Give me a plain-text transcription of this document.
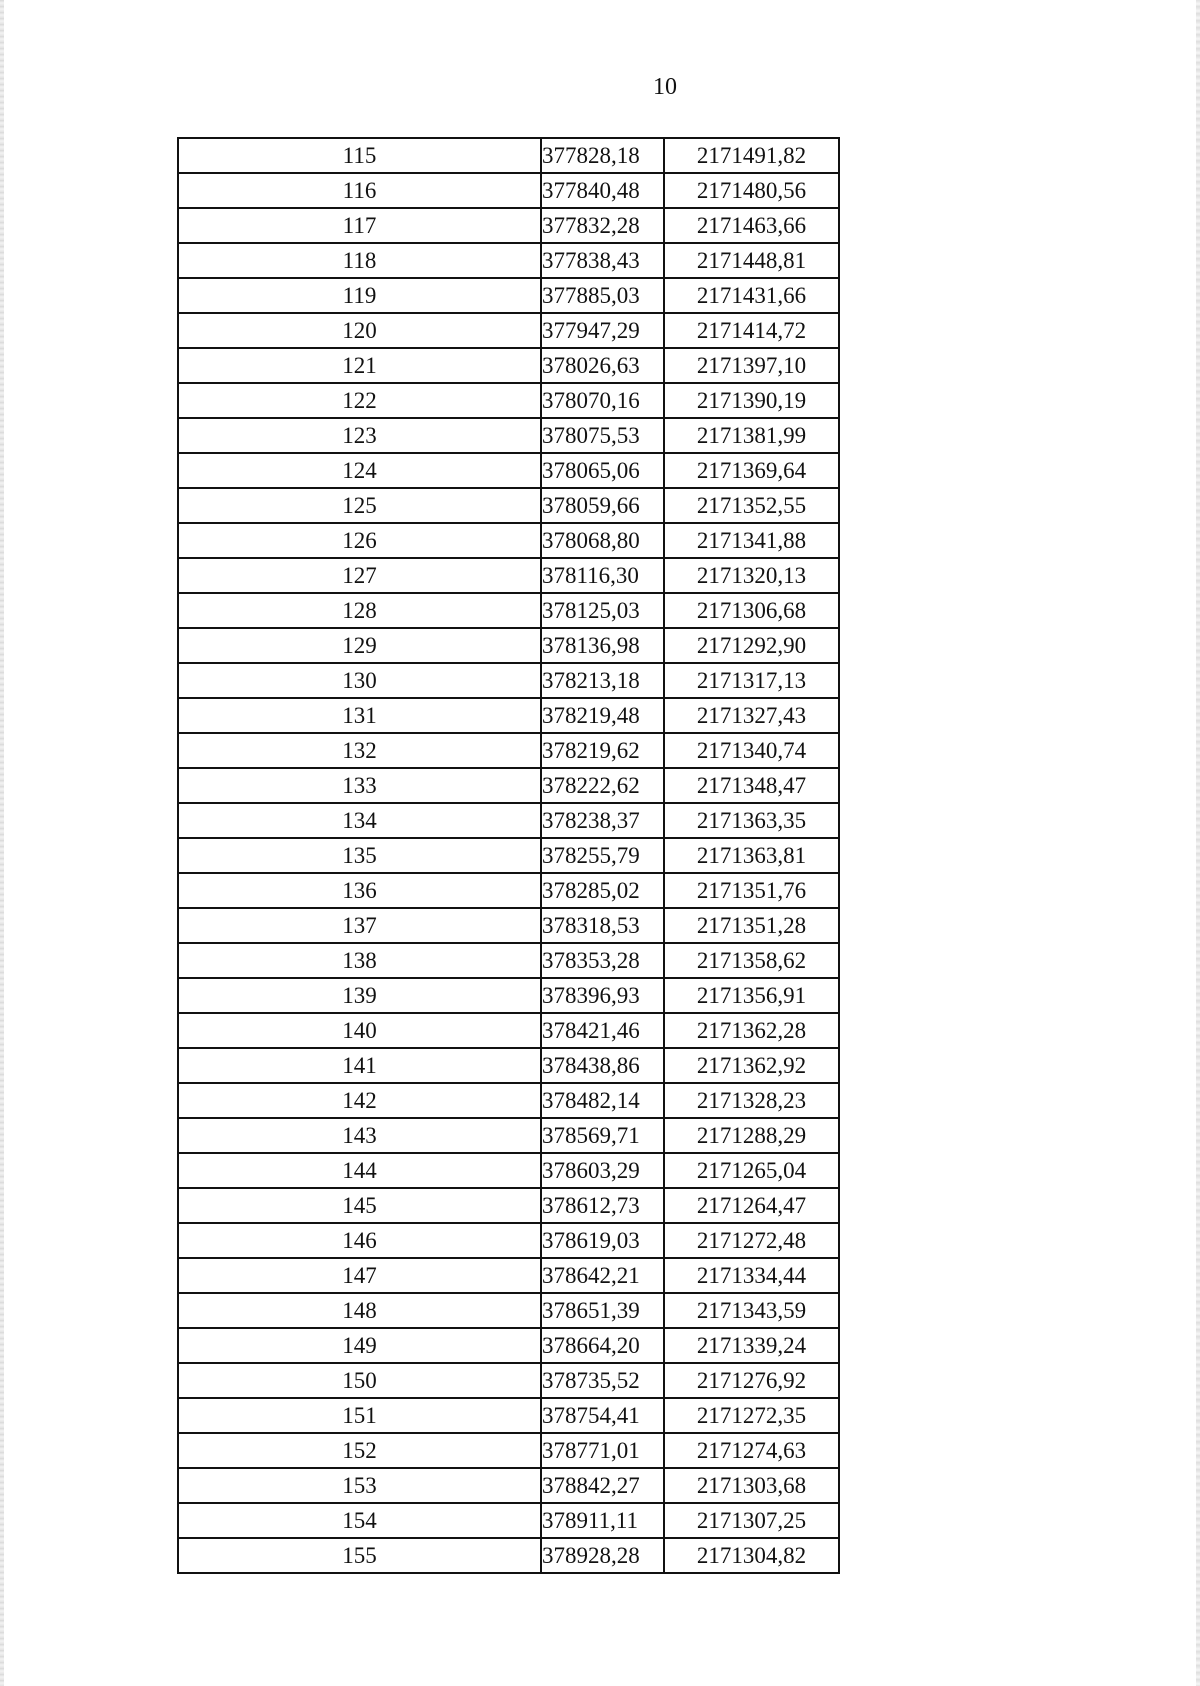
10
115	377828,18	2171491,82
116	377840,48	2171480,56
117	377832,28	2171463,66
118	377838,43	2171448,81
119	377885,03	2171431,66
120	377947,29	2171414,72
121	378026,63	2171397,10
122	378070,16	2171390,19
123	378075,53	2171381,99
124	378065,06	2171369,64
125	378059,66	2171352,55
126	378068,80	2171341,88
127	378116,30	2171320,13
128	378125,03	2171306,68
129	378136,98	2171292,90
130	378213,18	2171317,13
131	378219,48	2171327,43
132	378219,62	2171340,74
133	378222,62	2171348,47
134	378238,37	2171363,35
135	378255,79	2171363,81
136	378285,02	2171351,76
137	378318,53	2171351,28
138	378353,28	2171358,62
139	378396,93	2171356,91
140	378421,46	2171362,28
141	378438,86	2171362,92
142	378482,14	2171328,23
143	378569,71	2171288,29
144	378603,29	2171265,04
145	378612,73	2171264,47
146	378619,03	2171272,48
147	378642,21	2171334,44
148	378651,39	2171343,59
149	378664,20	2171339,24
150	378735,52	2171276,92
151	378754,41	2171272,35
152	378771,01	2171274,63
153	378842,27	2171303,68
154	378911,11	2171307,25
155	378928,28	2171304,82
